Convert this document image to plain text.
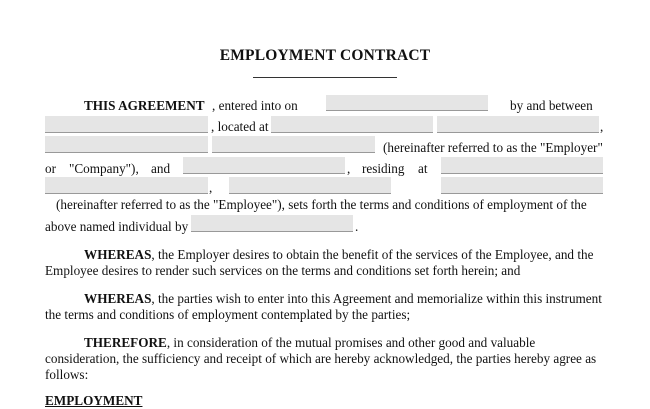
EMPLOYMENT CONTRACT
THIS AGREEMENT , entered into on	by and between
, located at	,
(hereinafter referred to as the "Employer"
or "Company"), and	, residing at
,
(hereinafter referred to as the "Employee"), sets forth the terms and conditions of employment of the
above named individual by	.
WHEREAS, the Employer desires to obtain the benefit of the services of the Employee, and the
Employee desires to render such services on the terms and conditions set forth herein; and
WHEREAS, the parties wish to enter into this Agreement and memorialize within this instrument
the terms and conditions of employment contemplated by the parties;
THEREFORE, in consideration of the mutual promises and other good and valuable
consideration, the sufficiency and receipt of which are hereby acknowledged, the parties hereby agree as
follows:
EMPLOYMENT
